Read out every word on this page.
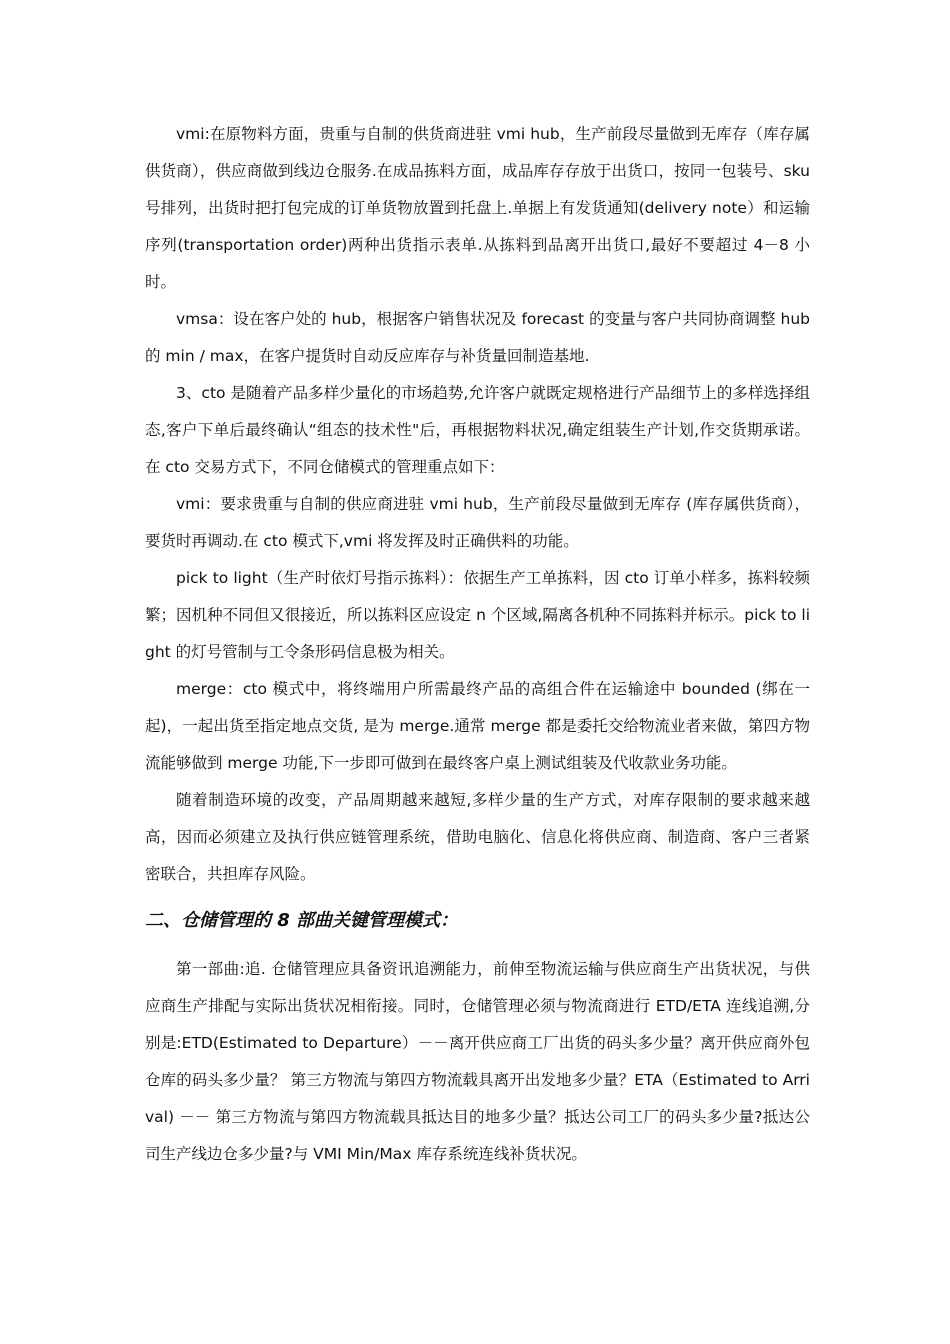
vmi:在原物料方面，贵重与自制的供货商进驻 vmi hub，生产前段尽量做到无库存（库存属供货商），供应商做到线边仓服务.在成品拣料方面，成品库存存放于出货口，按同一包装号、sku 号排列，出货时把打包完成的订单货物放置到托盘上.单据上有发货通知(delivery note）和运输序列(transportation order)两种出货指示表单.从拣料到品离开出货口,最好不要超过 4－8 小时。

vmsa：设在客户处的 hub，根据客户销售状况及 forecast 的变量与客户共同协商调整 hub 的 min / max，在客户提货时自动反应库存与补货量回制造基地.

3、cto 是随着产品多样少量化的市场趋势,允许客户就既定规格进行产品细节上的多样选择组态,客户下单后最终确认“组态的技术性"后，再根据物料状况,确定组装生产计划,作交货期承诺。在 cto 交易方式下，不同仓储模式的管理重点如下：

vmi：要求贵重与自制的供应商进驻 vmi hub，生产前段尽量做到无库存 (库存属供货商），要货时再调动.在 cto 模式下,vmi 将发挥及时正确供料的功能。

pick to light（生产时依灯号指示拣料）：依据生产工单拣料，因 cto 订单小样多，拣料较频繁；因机种不同但又很接近，所以拣料区应设定 n 个区域,隔离各机种不同拣料并标示。pick to light 的灯号管制与工令条形码信息极为相关。

merge：cto 模式中，将终端用户所需最终产品的高组合件在运输途中 bounded (绑在一起)，一起出货至指定地点交货, 是为 merge.通常 merge 都是委托交给物流业者来做，第四方物流能够做到 merge 功能,下一步即可做到在最终客户桌上测试组装及代收款业务功能。

随着制造环境的改变，产品周期越来越短,多样少量的生产方式，对库存限制的要求越来越高，因而必须建立及执行供应链管理系统，借助电脑化、信息化将供应商、制造商、客户三者紧密联合，共担库存风险。

二、仓储管理的 8 部曲关键管理模式：

第一部曲:追. 仓储管理应具备资讯追溯能力，前伸至物流运输与供应商生产出货状况，与供应商生产排配与实际出货状况相衔接。同时，仓储管理必须与物流商进行 ETD/ETA 连线追溯,分别是:ETD(Estimated to Departure）－－离开供应商工厂出货的码头多少量？离开供应商外包仓库的码头多少量？ 第三方物流与第四方物流载具离开出发地多少量？ETA（Estimated to Arrival) －－ 第三方物流与第四方物流载具抵达目的地多少量？抵达公司工厂的码头多少量?抵达公司生产线边仓多少量?与 VMI Min/Max 库存系统连线补货状况。
